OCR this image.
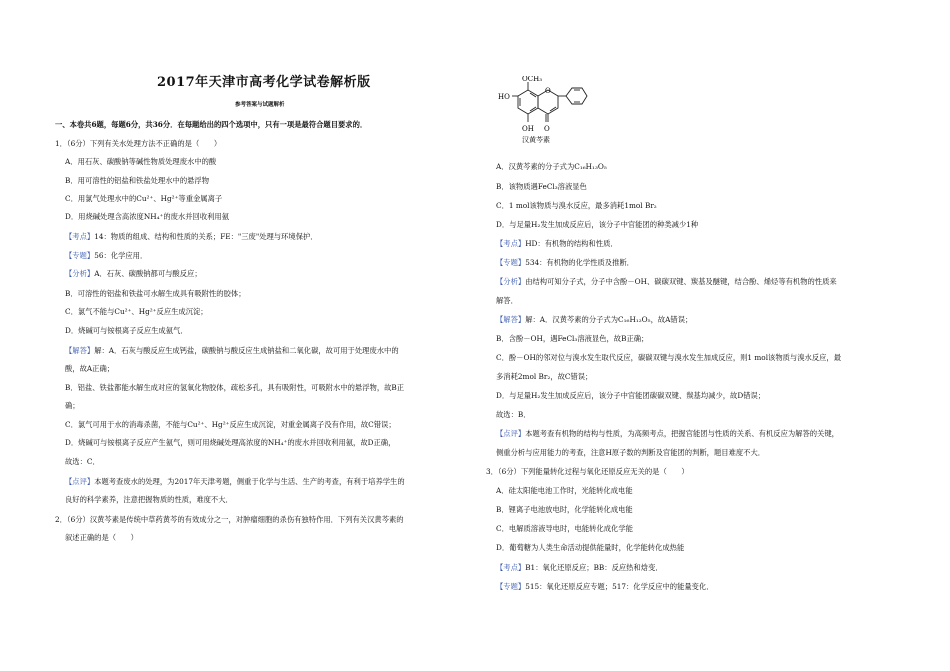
2017年天津市高考化学试卷解析版
参考答案与试题解析
一、本卷共6题，每题6分，共36分．在每题给出的四个选项中，只有一项是最符合题目要求的．
1．（6分）下列有关水处理方法不正确的是（　　）
A．用石灰、碳酸钠等碱性物质处理废水中的酸
B．用可溶性的铝盐和铁盐处理水中的悬浮物
C．用氯气处理水中的Cu²⁺、Hg²⁺等重金属离子
D．用烧碱处理含高浓度NH₄⁺的废水并回收利用氨
【考点】14：物质的组成、结构和性质的关系；FE："三废"处理与环境保护．
【专题】56：化学应用．
【分析】A．石灰、碳酸钠都可与酸反应；
B．可溶性的铝盐和铁盐可水解生成具有吸附性的胶体；
C．氯气不能与Cu²⁺、Hg²⁺反应生成沉淀；
D．烧碱可与铵根离子反应生成氨气．
【解答】解：A．石灰与酸反应生成钙盐，碳酸钠与酸反应生成钠盐和二氧化碳，故可用于处理废水中的
酸，故A正确；
B．铝盐、铁盐都能水解生成对应的氢氧化物胶体，疏松多孔，具有吸附性，可吸附水中的悬浮物，故B正
确；
C．氯气可用于水的消毒杀菌，不能与Cu²⁺、Hg²⁺反应生成沉淀，对重金属离子没有作用，故C错误；
D．烧碱可与铵根离子反应产生氨气，则可用烧碱处理高浓度的NH₄⁺的废水并回收利用氨，故D正确，
故选：C．
【点评】本题考查废水的处理，为2017年天津考题，侧重于化学与生活、生产的考查，有利于培养学生的
良好的科学素养，注意把握物质的性质，难度不大．
2．（6分）汉黄芩素是传统中草药黄芩的有效成分之一，对肿瘤细胞的杀伤有独特作用．下列有关汉黄芩素的
叙述正确的是（　　）
OCH₃
HO
OH
O
O
汉黄芩素
A．汉黄芩素的分子式为C₁₆H₁₃O₅
B．该物质遇FeCl₃溶液显色
C．1 mol该物质与溴水反应，最多消耗1mol Br₂
D．与足量H₂发生加成反应后，该分子中官能团的种类减少1种
【考点】HD：有机物的结构和性质．
【专题】534：有机物的化学性质及推断．
【分析】由结构可知分子式，分子中含酚－OH、碳碳双键、羰基及醚键，结合酚、烯烃等有机物的性质来
解答．
【解答】解：A．汉黄芩素的分子式为C₁₆H₁₂O₅，故A错误；
B．含酚－OH，遇FeCl₃溶液显色，故B正确；
C．酚－OH的邻对位与溴水发生取代反应，碳碳双键与溴水发生加成反应，则1 mol该物质与溴水反应，最
多消耗2mol Br₂，故C错误；
D．与足量H₂发生加成反应后，该分子中官能团碳碳双键、羰基均减少，故D错误；
故选：B．
【点评】本题考查有机物的结构与性质，为高频考点，把握官能团与性质的关系、有机反应为解答的关键，
侧重分析与应用能力的考查，注意H原子数的判断及官能团的判断，题目难度不大．
3．（6分）下列能量转化过程与氧化还原反应无关的是（　　）
A．硅太阳能电池工作时，光能转化成电能
B．锂离子电池放电时，化学能转化成电能
C．电解质溶液导电时，电能转化成化学能
D．葡萄糖为人类生命活动提供能量时，化学能转化成热能
【考点】B1：氧化还原反应；BB：反应热和焓变．
【专题】515：氧化还原反应专题；517：化学反应中的能量变化．
